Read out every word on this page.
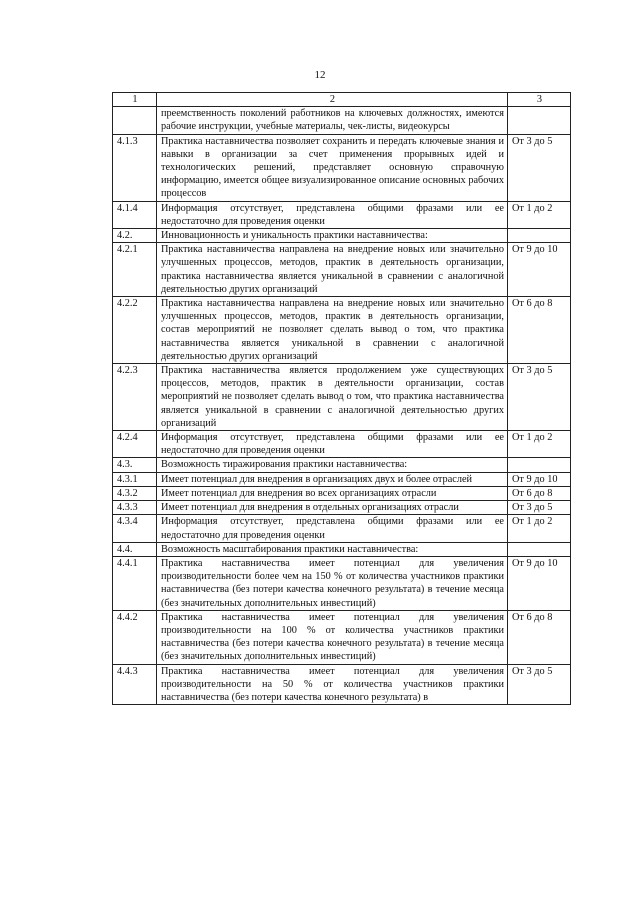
12
1	2	3
	преемственность поколений работников на ключевых должностях, имеются рабочие инструкции, учебные материалы, чек-листы, видеокурсы	
4.1.3	Практика наставничества позволяет сохранить и передать ключевые знания и навыки в организации за счет применения прорывных идей и технологических решений, представляет основную справочную информацию, имеется общее визуализированное описание основных рабочих процессов	От 3 до 5
4.1.4	Информация отсутствует, представлена общими фразами или ее недостаточно для проведения оценки	От 1 до 2
4.2.	Инновационность и уникальность практики наставничества:	
4.2.1	Практика наставничества направлена на внедрение новых или значительно улучшенных процессов, методов, практик в деятельность организации, практика наставничества является уникальной в сравнении с аналогичной деятельностью других организаций	От 9 до 10
4.2.2	Практика наставничества направлена на внедрение новых или значительно улучшенных процессов, методов, практик в деятельность организации, состав мероприятий не позволяет сделать вывод о том, что практика наставничества является уникальной в сравнении с аналогичной деятельностью других организаций	От 6 до 8
4.2.3	Практика наставничества является продолжением уже существующих процессов, методов, практик в деятельности организации, состав мероприятий не позволяет сделать вывод о том, что практика наставничества является уникальной в сравнении с аналогичной деятельностью других организаций	От 3 до 5
4.2.4	Информация отсутствует, представлена общими фразами или ее недостаточно для проведения оценки	От 1 до 2
4.3.	Возможность тиражирования практики наставничества:	
4.3.1	Имеет потенциал для внедрения в организациях двух и более отраслей	От 9 до 10
4.3.2	Имеет потенциал для внедрения во всех организациях отрасли	От 6 до 8
4.3.3	Имеет потенциал для внедрения в отдельных организациях отрасли	От 3 до 5
4.3.4	Информация отсутствует, представлена общими фразами или ее недостаточно для проведения оценки	От 1 до 2
4.4.	Возможность масштабирования практики наставничества:	
4.4.1	Практика наставничества имеет потенциал для увеличения производительности более чем на 150 % от количества участников практики наставничества (без потери качества конечного результата) в течение месяца (без значительных дополнительных инвестиций)	От 9 до 10
4.4.2	Практика наставничества имеет потенциал для увеличения производительности на 100 % от количества участников практики наставничества (без потери качества конечного результата) в течение месяца (без значительных дополнительных инвестиций)	От 6 до 8
4.4.3	Практика наставничества имеет потенциал для увеличения производительности на 50 % от количества участников практики наставничества (без потери качества конечного результата) в	От 3 до 5
